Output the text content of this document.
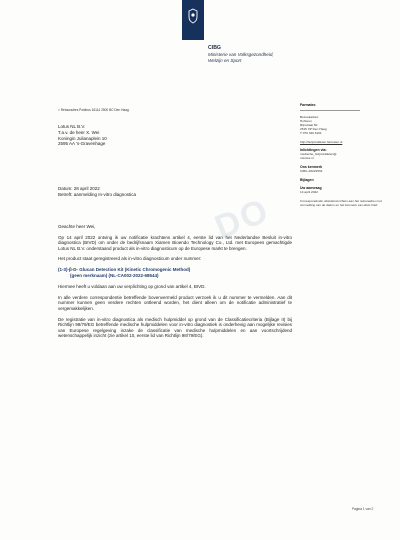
CIBG
Ministerie van Volksgezondheid,
Welzijn en Sport
DO
> Retouradres Postbus 16114 2500 BC Den Haag
Lotus NL B.V.
T.a.v. de heer X. Wei
Koningin Julianaplein 10
2595 AA 's-Gravenhage
Datum: 28 april 2022
Betreft: aanmelding In-vitro diagnostica

Geachte heer Wei,

Op 14 april 2022 ontving ik uw notificatie krachtens artikel 4, eerste lid van het Nederlandse Besluit in-vitro diagnostica (BIVD) om onder de bedrijfsnaam Xiamen Bioendo Technology Co., Ltd. met Europees gemachtigde Lotus NL B.V. onderstaand product als in-vitro diagnosticum op de Europese markt te brengen.

Het product staat geregistreerd als in-vitro diagnosticum onder nummer:

(1-3)-β-D- Glucan Detection Kit (Kinetic Chromogenic Method)
(geen merknaam) (NL-CA002-2022-68544)

Hiermee heeft u voldaan aan uw verplichting op grond van artikel 4, BIVD.

In alle verdere correspondentie betreffende bovenvermeld product verzoek ik u dit nummer te vermelden. Aan dit nummer kunnen geen verdere rechten ontleend worden, het dient alleen om de notificatie administratief te vergemakkelijken.

De registratie van in-vitro diagnostica als medisch hulpmiddel op grond van de Classificatiecriteria (Bijlage II) bij Richtlijn 98/79/EG betreffende medische hulpmiddelen voor in-vitro diagnostiek is onderhevig aan mogelijke revisies van Europese regelgeving inzake de classificatie van medische hulpmiddelen en aan voortschrijdend wetenschappelijk inzicht (zie artikel 10, eerste lid van Richtlijn 98/79/EG).

Farmatec
Bezoekadres:
Hoftoren
Rijnstraat 50
2515 XP Den Haag
T 070 340 6161
http://hulpmiddelen.farmatec.nl
Inlichtingen via:
medische_hulpmiddelen@
minvws.nl
Ons kenmerk
CIBG-20222532
Bijlagen
Uw aanvraag
14 april 2022
Correspondentie uitsluitend richten aan het retouradres met vermelding van de datum en het kenmerk van deze brief.
Pagina 1 van 2
